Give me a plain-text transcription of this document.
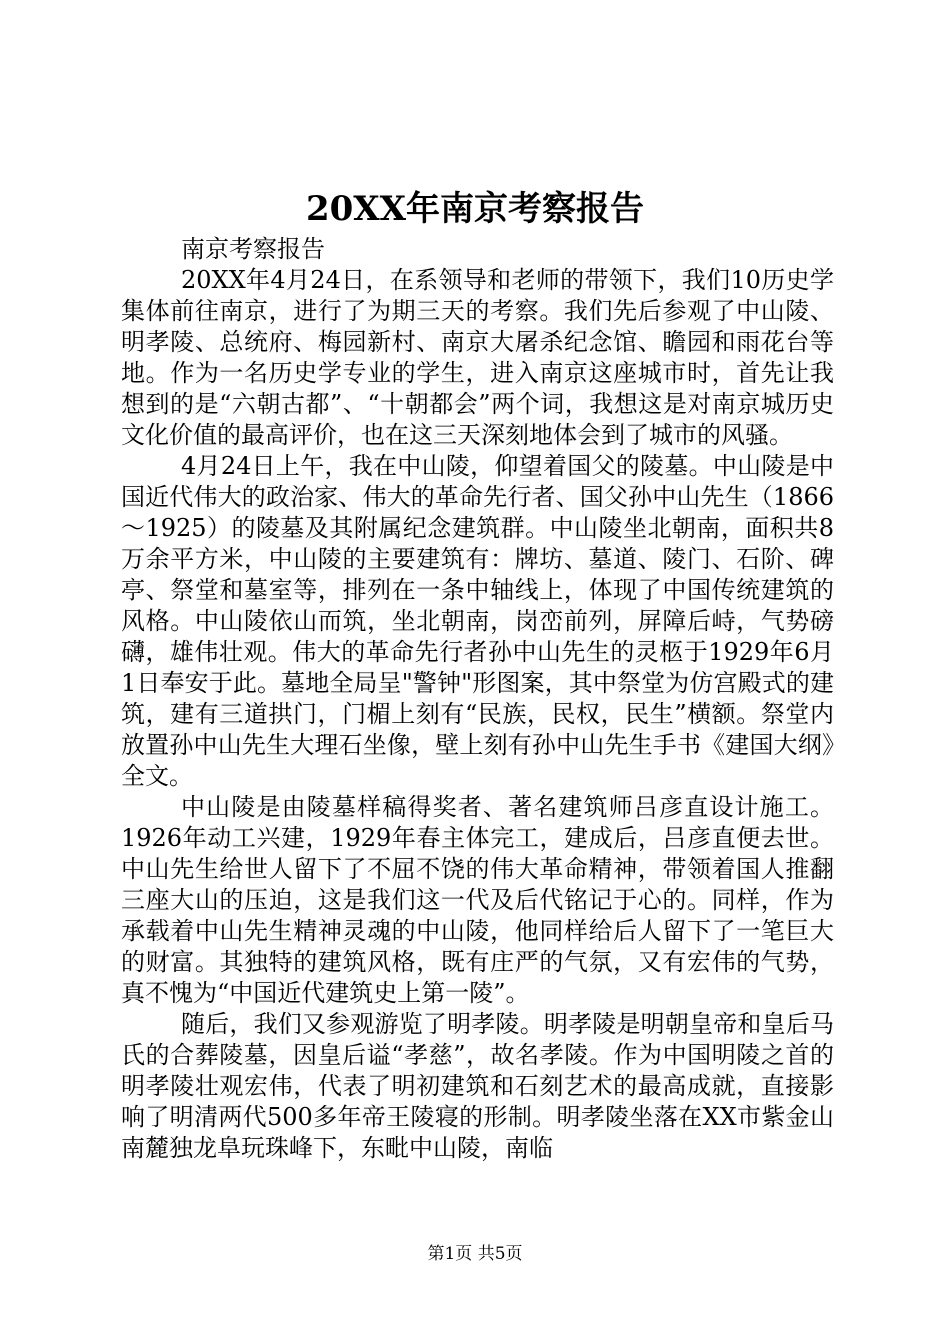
20XX年南京考察报告

南京考察报告

20XX年4月24日，在系领导和老师的带领下，我们10历史学集体前往南京，进行了为期三天的考察。我们先后参观了中山陵、明孝陵、总统府、梅园新村、南京大屠杀纪念馆、瞻园和雨花台等地。作为一名历史学专业的学生，进入南京这座城市时，首先让我想到的是“六朝古都”、“十朝都会”两个词，我想这是对南京城历史文化价值的最高评价，也在这三天深刻地体会到了城市的风骚。

4月24日上午，我在中山陵，仰望着国父的陵墓。中山陵是中国近代伟大的政治家、伟大的革命先行者、国父孙中山先生（1866～1925）的陵墓及其附属纪念建筑群。中山陵坐北朝南，面积共8万余平方米，中山陵的主要建筑有：牌坊、墓道、陵门、石阶、碑亭、祭堂和墓室等，排列在一条中轴线上，体现了中国传统建筑的风格。中山陵依山而筑，坐北朝南，岗峦前列，屏障后峙，气势磅礴，雄伟壮观。伟大的革命先行者孙中山先生的灵柩于1929年6月1日奉安于此。墓地全局呈"警钟"形图案，其中祭堂为仿宫殿式的建筑，建有三道拱门，门楣上刻有“民族，民权，民生”横额。祭堂内放置孙中山先生大理石坐像，壁上刻有孙中山先生手书《建国大纲》全文。

中山陵是由陵墓样稿得奖者、著名建筑师吕彦直设计施工。1926年动工兴建，1929年春主体完工，建成后，吕彦直便去世。中山先生给世人留下了不屈不饶的伟大革命精神，带领着国人推翻三座大山的压迫，这是我们这一代及后代铭记于心的。同样，作为承载着中山先生精神灵魂的中山陵，他同样给后人留下了一笔巨大的财富。其独特的建筑风格，既有庄严的气氛，又有宏伟的气势，真不愧为“中国近代建筑史上第一陵”。

随后，我们又参观游览了明孝陵。明孝陵是明朝皇帝和皇后马氏的合葬陵墓，因皇后谥“孝慈”，故名孝陵。作为中国明陵之首的明孝陵壮观宏伟，代表了明初建筑和石刻艺术的最高成就，直接影响了明清两代500多年帝王陵寝的形制。明孝陵坐落在XX市紫金山南麓独龙阜玩珠峰下，东毗中山陵，南临

第1页 共5页
